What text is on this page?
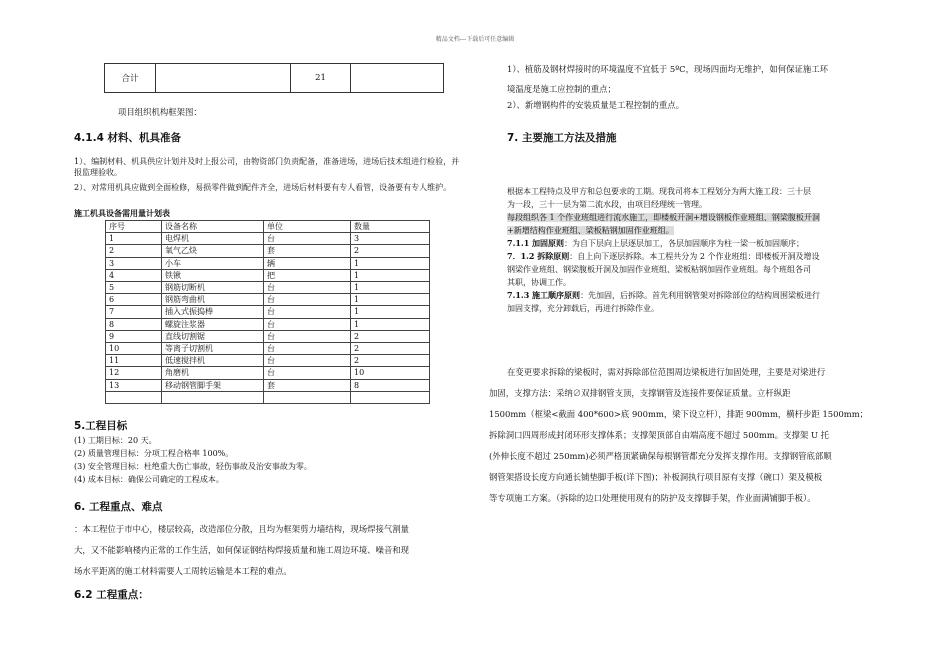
精品文档---下载后可任意编辑
合计		21	
项目组织机构框架图：
4.1.4 材料、机具准备
1）、编制材料、机具供应计划并及时上报公司，由物资部门负责配备，准备进场，进场后技术组进行检验，并报监理验收。
2）、对常用机具应做到全面检修，易损零件做到配件齐全，进场后材料要有专人看管，设备要有专人维护。
施工机具设备需用量计划表
序号	设备名称	单位	数量
1	电焊机	台	3
2	氧气乙炔	套	2
3	小车	辆	1
4	铁锹	把	1
5	钢筋切断机	台	1
6	钢筋弯曲机	台	1
7	插入式振捣棒	台	1
8	螺旋注浆器	台	1
9	直线切割锯	台	2
10	等离子切割机	台	2
11	低速搅拌机	台	2
12	角磨机	台	10
13	移动钢管脚手架	套	8

5.工程目标
(1) 工期目标：20 天。
(2) 质量管理目标：分项工程合格率 100%。
(3) 安全管理目标：杜绝重大伤亡事故，轻伤事故及治安事故为零。
(4) 成本目标：确保公司确定的工程成本。
6. 工程重点、难点
：本工程位于市中心，楼层较高，改造部位分散，且均为框架剪力墙结构，现场焊接气割量
大，又不能影响楼内正常的工作生活，如何保证钢结构焊接质量和施工周边环境、噪音和现
场水平距离的施工材料需要人工周转运输是本工程的难点。
6.2 工程重点：
1）、植筋及钢材焊接时的环境温度不宜低于 5ºC，现场四面均无维护，如何保证施工环
境温度是施工应控制的重点；
2）、新增钢构件的安装质量是工程控制的重点。
7. 主要施工方法及措施
根据本工程特点及甲方和总包要求的工期。现我司将本工程划分为两大施工段：三十层
为一段，三十一层为第二流水段，由项目经理统一管理。
每段组织各 1 个作业班组进行流水施工，即楼板开洞+增设钢板作业班组、钢梁腹板开洞
+新增结构作业班组、梁板粘钢加固作业班组。
7.1.1 加固原则：为自下层向上层逐层加工，各层加固顺序为柱一梁一板加固顺序；
7．1.2 拆除原则：自上向下逐层拆除。本工程共分为 2 个作业班组：即楼板开洞及增设
钢梁作业班组、钢梁腹板开洞及加固作业班组、梁板粘钢加固作业班组。每个班组各司
其职，协调工作。
7.1.3 施工顺序原则：先加固，后拆除。首先利用钢管架对拆除部位的结构周围梁板进行
加固支撑，充分卸载后，再进行拆除作业。
在变更要求拆除的梁板时，需对拆除部位范围周边梁板进行加固处理，主要是对梁进行
加固，支撑方法：采纳∅双排钢管支顶，支撑钢管及连接件要保证质量。立杆纵距
1500mm（框梁<截面 400*600>底 900mm，梁下设立杆），排距 900mm，横杆步距 1500mm；
拆除洞口四周形成封闭环形支撑体系；支撑架顶部自由端高度不超过 500mm。支撑架 U 托
(外伸长度不超过 250mm)必须严格顶紧确保每根钢管都充分发挥支撑作用。支撑钢管底部顺
钢管架搭设长度方向通长铺垫脚手板(详下图)；补板洞执行项目原有支撑（碗口）架及模板
等专项施工方案。（拆除的边口处理使用现有的防护及支撑脚手架，作业面满铺脚手板）。
